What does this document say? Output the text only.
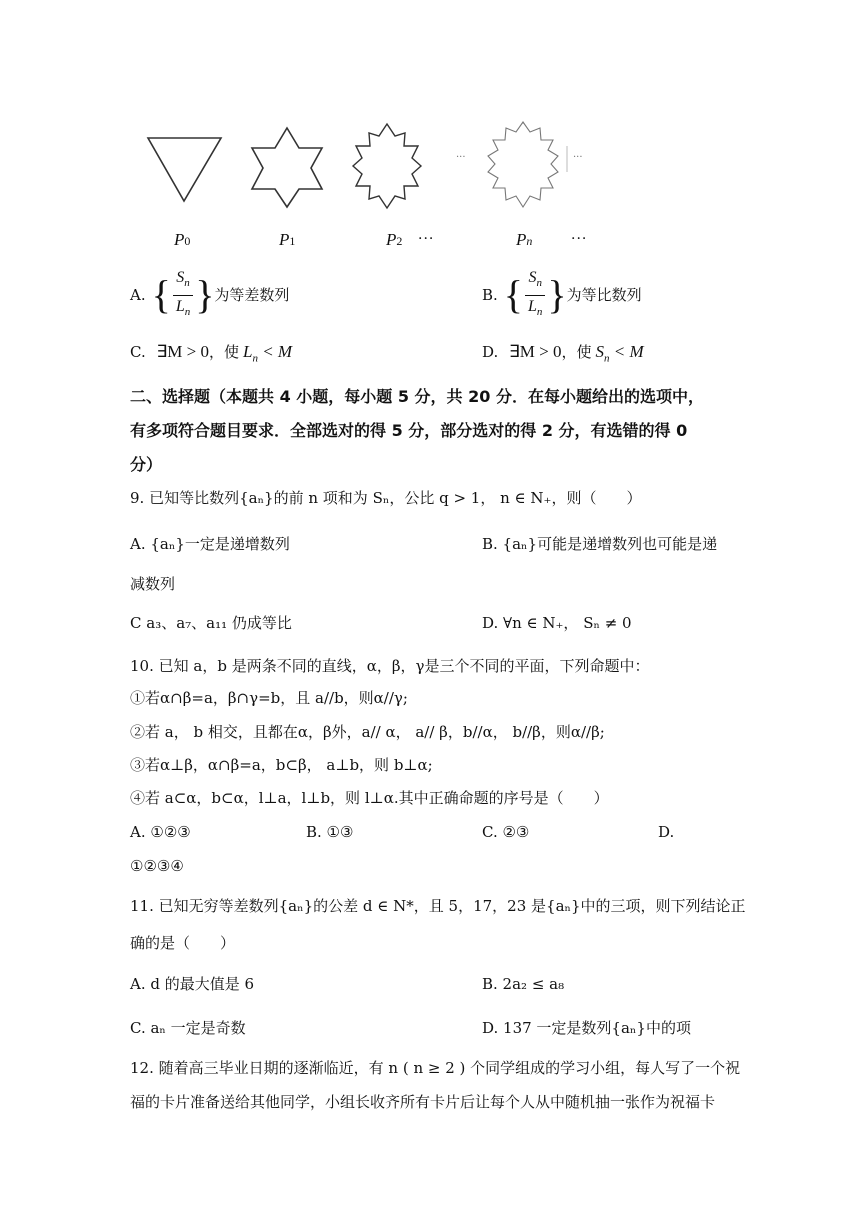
···	···
P0	P1	P2 ···	Pn	···
A. { $\frac{S_n}{L_n}$ } 为等差数列	B. { $\frac{S_n}{L_n}$ } 为等比数列
C. ∃M > 0，使 $L_n < M$	D. ∃M > 0，使 $S_n < M$
二、选择题（本题共 4 小题，每小题 5 分，共 20 分．在每小题给出的选项中，
有多项符合题目要求．全部选对的得 5 分，部分选对的得 2 分，有选错的得 0
分）
9. 已知等比数列{aₙ}的前 n 项和为 Sₙ，公比 q > 1， n ∈ N₊，则（　　）
A. {aₙ}一定是递增数列	B. {aₙ}可能是递增数列也可能是递
减数列
C a₃、a₇、a₁₁ 仍成等比	D. ∀n ∈ N₊， Sₙ ≠ 0
10. 已知 a，b 是两条不同的直线，α，β，γ是三个不同的平面，下列命题中：
①若α∩β=a，β∩γ=b，且 a//b，则α//γ;
②若 a， b 相交，且都在α，β外，a// α， a// β，b//α， b//β，则α//β;
③若α⊥β，α∩β=a，b⊂β， a⊥b，则 b⊥α;
④若 a⊂α，b⊂α，l⊥a，l⊥b，则 l⊥α.其中正确命题的序号是（　　）
A. ①②③	B. ①③	C. ②③	D.
①②③④
11. 已知无穷等差数列{aₙ}的公差 d ∈ N*，且 5，17，23 是{aₙ}中的三项，则下列结论正
确的是（　　）
A. d 的最大值是 6	B. 2a₂ ≤ a₈
C. aₙ 一定是奇数	D. 137 一定是数列{aₙ}中的项
12. 随着高三毕业日期的逐渐临近，有 n ( n ≥ 2 ) 个同学组成的学习小组，每人写了一个祝
福的卡片准备送给其他同学，小组长收齐所有卡片后让每个人从中随机抽一张作为祝福卡
